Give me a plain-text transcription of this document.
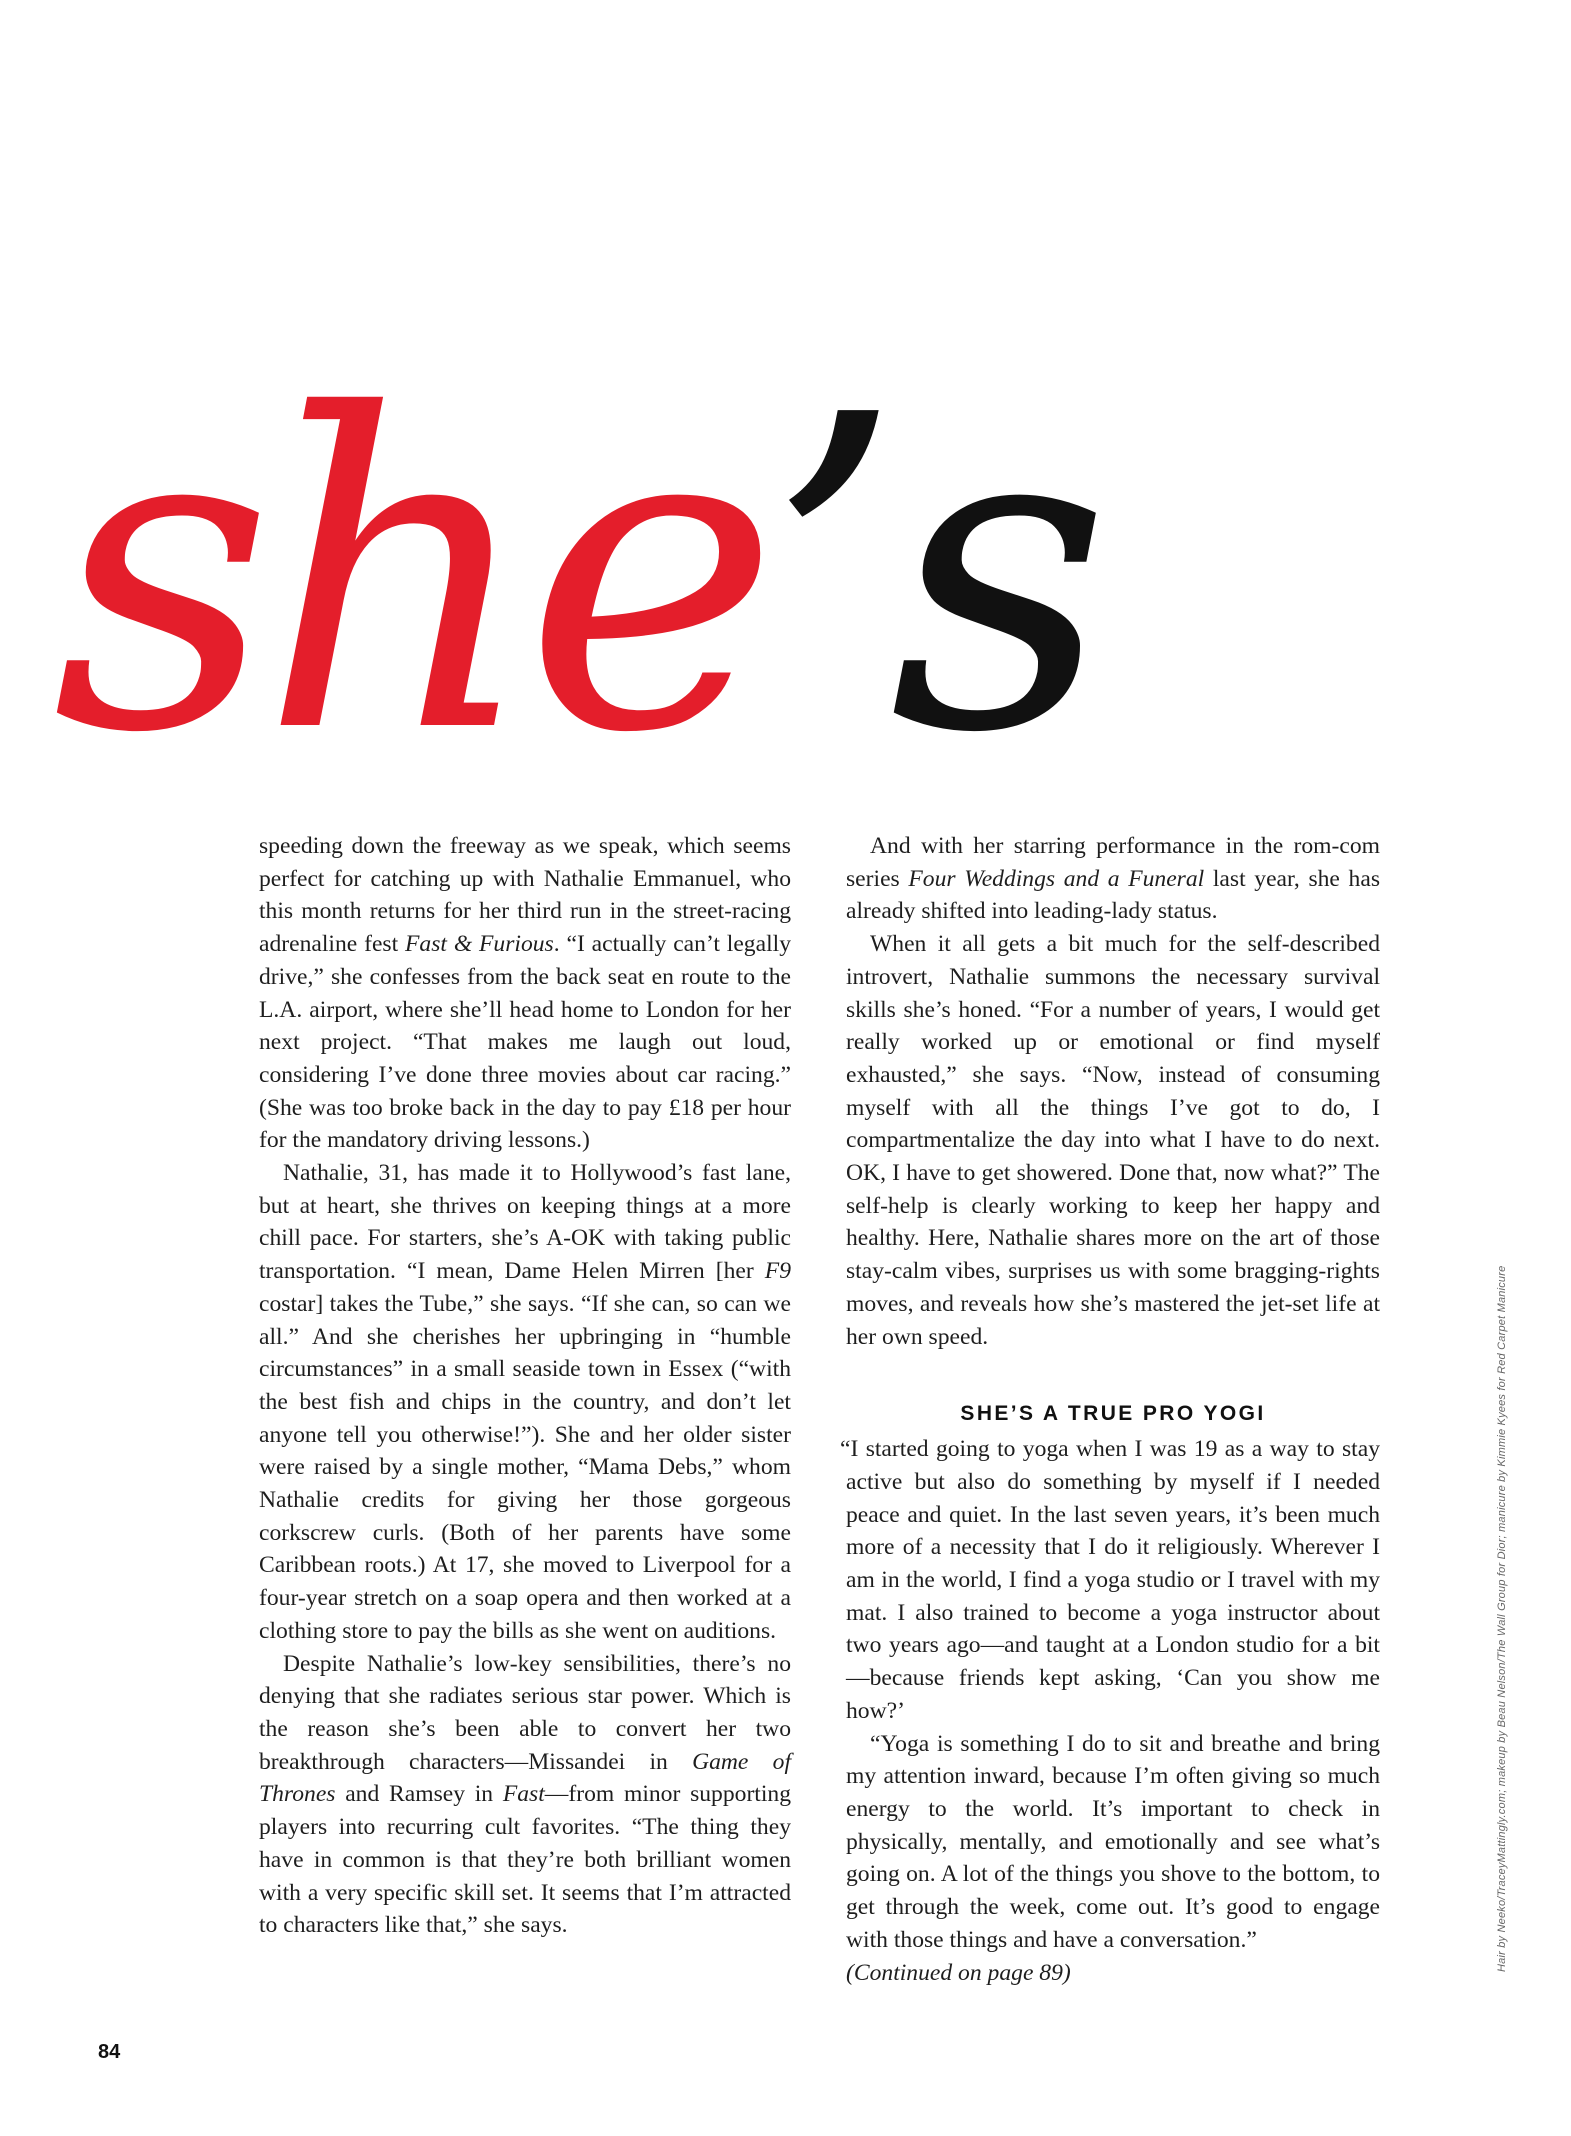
she’s

speeding down the freeway as we speak, which seems perfect for catching up with Nathalie Emmanuel, who this month returns for her third run in the street-racing adrenaline fest Fast & Furious. “I actually can’t legally drive,” she confesses from the back seat en route to the L.A. airport, where she’ll head home to London for her next project. “That makes me laugh out loud, considering I’ve done three movies about car racing.” (She was too broke back in the day to pay £18 per hour for the mandatory driving lessons.)

Nathalie, 31, has made it to Hollywood’s fast lane, but at heart, she thrives on keeping things at a more chill pace. For starters, she’s A-OK with taking public transportation. “I mean, Dame Helen Mirren [her F9 costar] takes the Tube,” she says. “If she can, so can we all.” And she cherishes her upbringing in “humble circumstances” in a small seaside town in Essex (“with the best fish and chips in the country, and don’t let anyone tell you otherwise!”). She and her older sister were raised by a single mother, “Mama Debs,” whom Nathalie credits for giving her those gorgeous corkscrew curls. (Both of her parents have some Caribbean roots.) At 17, she moved to Liverpool for a four-year stretch on a soap opera and then worked at a clothing store to pay the bills as she went on auditions.

Despite Nathalie’s low-key sensibilities, there’s no denying that she radiates serious star power. Which is the reason she’s been able to convert her two breakthrough characters—Missandei in Game of Thrones and Ramsey in Fast—from minor supporting players into recurring cult favorites. “The thing they have in common is that they’re both brilliant women with a very specific skill set. It seems that I’m attracted to characters like that,” she says.

And with her starring performance in the rom-com series Four Weddings and a Funeral last year, she has already shifted into leading-lady status.

When it all gets a bit much for the self-described introvert, Nathalie summons the necessary survival skills she’s honed. “For a number of years, I would get really worked up or emotional or find myself exhausted,” she says. “Now, instead of consuming myself with all the things I’ve got to do, I compartmentalize the day into what I have to do next. OK, I have to get showered. Done that, now what?” The self-help is clearly working to keep her happy and healthy. Here, Nathalie shares more on the art of those stay-calm vibes, surprises us with some bragging-rights moves, and reveals how she’s mastered the jet-set life at her own speed.

SHE’S A TRUE PRO YOGI

“I started going to yoga when I was 19 as a way to stay active but also do something by myself if I needed peace and quiet. In the last seven years, it’s been much more of a necessity that I do it religiously. Wherever I am in the world, I find a yoga studio or I travel with my mat. I also trained to become a yoga instructor about two years ago—and taught at a London studio for a bit—because friends kept asking, ‘Can you show me how?’

“Yoga is something I do to sit and breathe and bring my attention inward, because I’m often giving so much energy to the world. It’s important to check in physically, mentally, and emotionally and see what’s going on. A lot of the things you shove to the bottom, to get through the week, come out. It’s good to engage with those things and have a conversation.”

(Continued on page 89)

84
Hair by Neeko/TraceyMattingly.com; makeup by Beau Nelson/The Wall Group for Dior; manicure by Kimmie Kyees for Red Carpet Manicure
